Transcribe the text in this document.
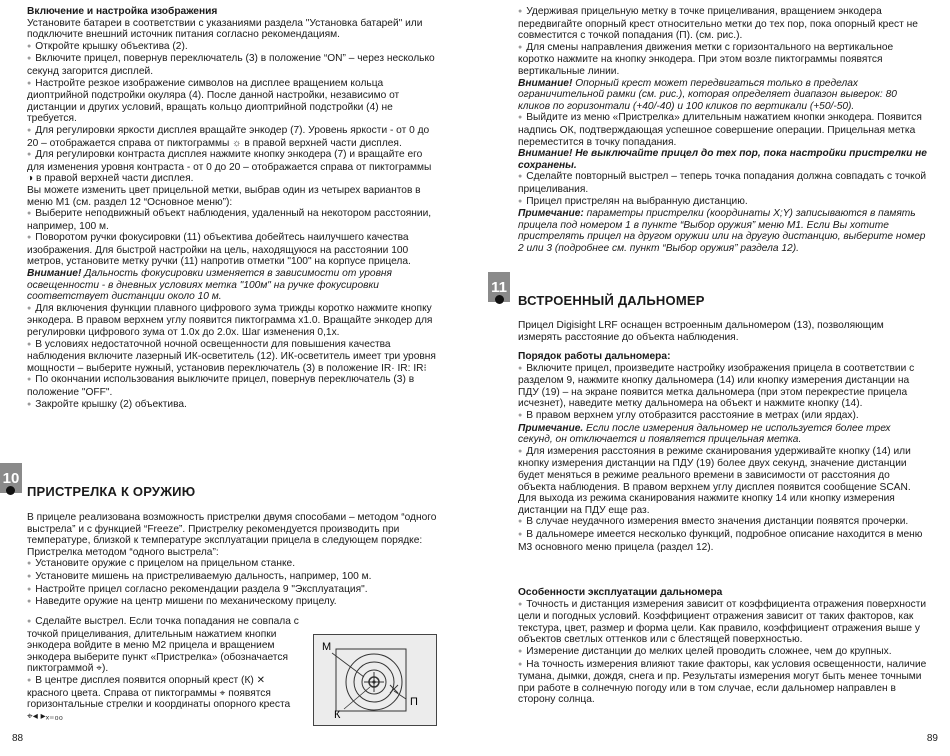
Включение и настройка изображения

Установите батареи в соответствии с указаниями раздела "Установка батарей" или подключите внешний источник питания согласно рекомендациям.

● Откройте крышку объектива (2).

● Включите прицел, повернув переключатель (3) в положение “ON” – через несколько секунд загорится дисплей.

● Настройте резкое изображение символов на дисплее вращением кольца диоптрийной подстройки окуляра (4). После данной настройки, независимо от дистанции и других условий, вращать кольцо диоптрийной подстройки (4) не требуется.

● Для регулировки яркости дисплея вращайте энкодер (7). Уровень яркости - от 0 до 20 – отображается справа от пиктограммы ☼ в правой верхней части дисплея.

● Для регулировки контраста дисплея нажмите кнопку энкодера (7) и вращайте его для изменения уровня контраста - от 0 до 20 – отображается справа от пиктограммы ◑ в правой верхней части дисплея.

Вы можете изменить цвет прицельной метки, выбрав один из четырех вариантов в меню М1 (см. раздел 12 “Основное меню”):

● Выберите неподвижный объект наблюдения, удаленный на некотором расстоянии, например, 100 м.

● Поворотом ручки фокусировки (11) объектива добейтесь наилучшего качества изображения. Для быстрой настройки на цель, находящуюся на расстоянии 100 метров, установите метку ручки (11) напротив отметки "100" на корпусе прицела.

Внимание! Дальность фокусировки изменяется в зависимости от уровня освещенности - в дневных условиях метка "100м" на ручке фокусировки соответствует дистанции около 10 м.

● Для включения функции плавного цифрового зума трижды коротко нажмите кнопку энкодера. В правом верхнем углу появится пиктограмма x1.0. Вращайте энкодер для регулировки цифрового зума от 1.0х до 2.0х. Шаг изменения 0,1х.

● В условиях недостаточной ночной освещенности для повышения качества наблюдения включите лазерный ИК-осветитель (12). ИК-осветитель имеет три уровня мощности – выберите нужный, установив переключатель (3) в положение IR· IR: IR⁝

● По окончании использования выключите прицел, повернув переключатель (3) в положение "OFF".

● Закройте крышку (2) объектива.

10
ПРИСТРЕЛКА К ОРУЖИЮ

В прицеле реализована возможность пристрелки двумя способами – методом “одного выстрела” и с функцией “Freeze”. Пристрелку рекомендуется производить при температуре, близкой к температуре эксплуатации прицела в следующем порядке:

Пристрелка методом “одного выстрела”:

● Установите оружие с прицелом на прицельном станке.

● Установите мишень на пристреливаемую дальность, например, 100 м.

● Настройте прицел согласно рекомендации раздела 9 "Эксплуатация".

● Наведите оружие на центр мишени по механическому прицелу.

● Сделайте выстрел. Если точка попадания не совпала с точкой прицеливания, длительным нажатием кнопки энкодера войдите в меню М2 прицела и вращением энкодера выберите пункт «Пристрелка» (обозначается пиктограммой ⌖).

● В центре дисплея появится опорный крест (К) ✕ красного цвета. Справа от пиктограммы ⌖ появятся горизонтальные стрелки и координаты опорного креста ⌖◂ ▸ₓ₌₀₀

М
К
П
88

● Удерживая прицельную метку в точке прицеливания, вращением энкодера передвигайте опорный крест относительно метки до тех пор, пока опорный крест не совместится с точкой попадания (П). (см. рис.).

● Для смены направления движения метки с горизонтального на вертикальное коротко нажмите на кнопку энкодера. При этом возле пиктограммы появятся вертикальные линии.

Внимание! Опорный крест может передвигаться только в пределах ограничительной рамки (см. рис.), которая определяет диапазон выверок: 80 кликов по горизонтали (+40/-40) и 100 кликов по вертикали (+50/-50).

● Выйдите из меню «Пристрелка» длительным нажатием кнопки энкодера. Появится надпись ОК, подтверждающая успешное совершение операции. Прицельная метка переместится в точку попадания.

Внимание! Не выключайте прицел до тех пор, пока настройки пристрелки не сохранены.

● Сделайте повторный выстрел – теперь точка попадания должна совпадать с точкой прицеливания.

● Прицел пристрелян на выбранную дистанцию.

Примечание: параметры пристрелки (координаты X;Y) записываются в память прицела под номером 1 в пункте “Выбор оружия” меню М1. Если Вы хотите пристрелять прицел на другом оружии или на другую дистанцию, выберите номер 2 или 3 (подробнее см. пункт “Выбор оружия” раздела 12).

11
ВСТРОЕННЫЙ ДАЛЬНОМЕР

Прицел Digisight LRF оснащен встроенным дальномером (13), позволяющим измерять расстояние до объекта наблюдения.

Порядок работы дальномера:

● Включите прицел, произведите настройку изображения прицела в соответствии с разделом 9, нажмите кнопку дальномера (14) или кнопку измерения дистанции на ПДУ (19) – на экране появится метка дальномера (при этом перекрестие прицела исчезнет), наведите метку дальномера на объект и нажмите кнопку (14).

● В правом верхнем углу отобразится расстояние в метрах (или ярдах).

Примечание. Если после измерения дальномер не используется более трех секунд, он отключается и появляется прицельная метка.

● Для измерения расстояния в режиме сканирования удерживайте кнопку (14) или кнопку измерения дистанции на ПДУ (19) более двух секунд, значение дистанции будет меняться в режиме реального времени в зависимости от расстояния до объекта наблюдения. В правом верхнем углу дисплея появится сообщение SCAN. Для выхода из режима сканирования нажмите кнопку 14 или кнопку измерения дистанции на ПДУ еще раз.

● В случае неудачного измерения вместо значения дистанции появятся прочерки.

● В дальномере имеется несколько функций, подробное описание находится в меню М3 основного меню прицела (раздел 12).

Особенности эксплуатации дальномера

● Точность и дистанция измерения зависит от коэффициента отражения поверхности цели и погодных условий. Коэффициент отражения зависит от таких факторов, как текстура, цвет, размер и форма цели. Как правило, коэффициент отражения выше у объектов светлых оттенков или с блестящей поверхностью.

● Измерение дистанции до мелких целей проводить сложнее, чем до крупных.

● На точность измерения влияют такие факторы, как условия освещенности, наличие тумана, дымки, дождя, снега и пр. Результаты измерения могут быть менее точными при работе в солнечную погоду или в том случае, если дальномер направлен в сторону солнца.

89
